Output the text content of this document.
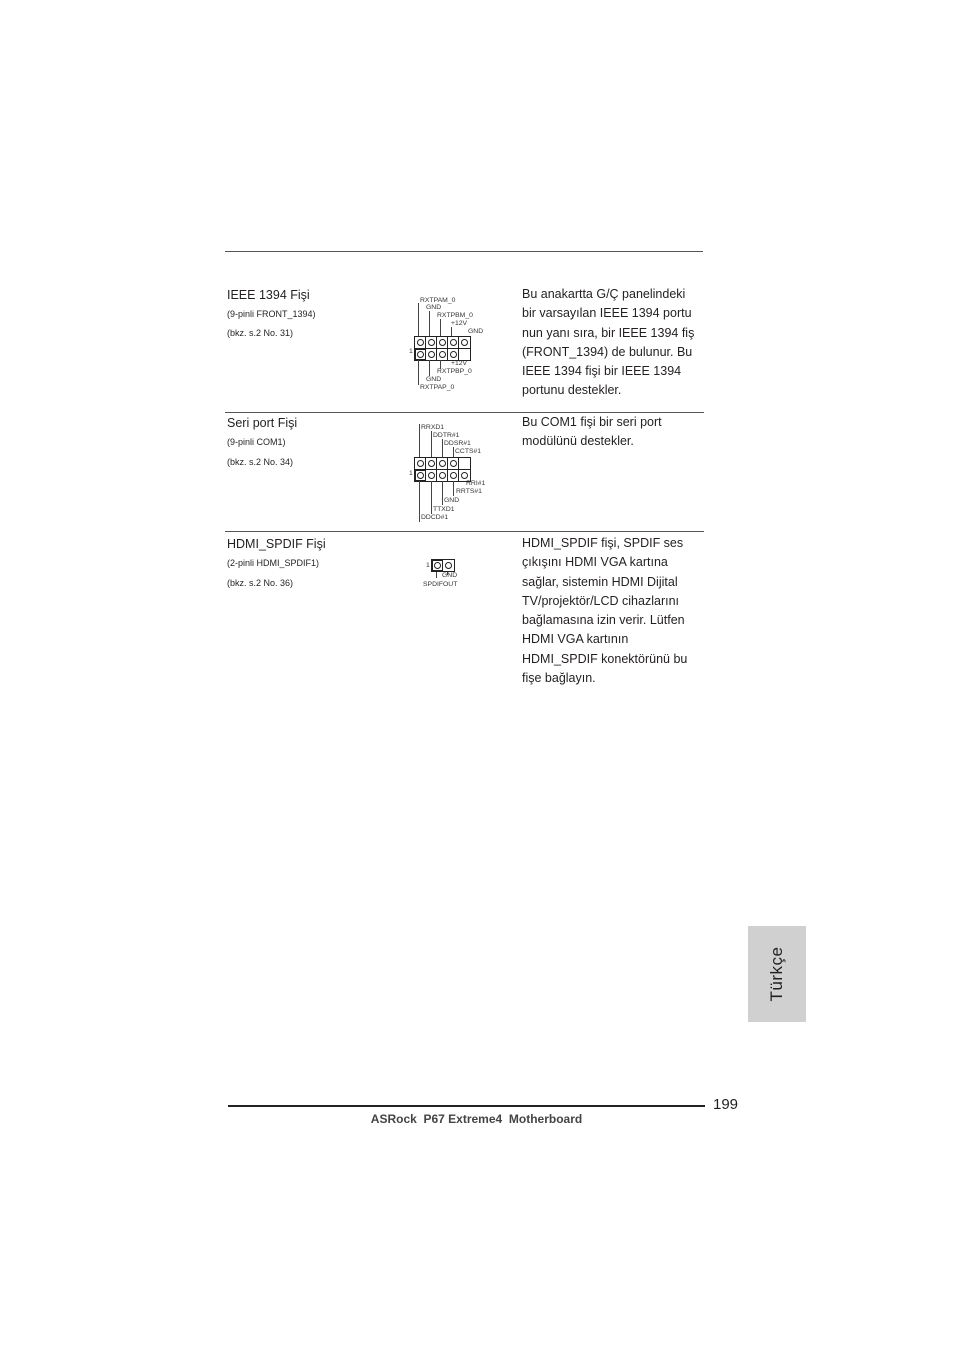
IEEE 1394 Fişi
(9-pinli FRONT_1394)
(bkz. s.2 No. 31)
RXTPAM_0
GND
RXTPBM_0
+12V
GND
1
+12V
RXTPBP_0
GND
RXTPAP_0
Bu anakartta G/Ç panelindeki
bir varsayılan IEEE 1394 portu
nun yanı sıra, bir IEEE 1394 fiş
(FRONT_1394) de bulunur. Bu
IEEE 1394 fişi bir IEEE 1394
portunu destekler.
Seri port Fişi
(9-pinli COM1)
(bkz. s.2 No. 34)
RRXD1
DDTR#1
DDSR#1
CCTS#1
1
RRI#1
RRTS#1
GND
TTXD1
DDCD#1
Bu COM1 fişi bir seri port
modülünü destekler.
HDMI_SPDIF Fişi
(2-pinli HDMI_SPDIF1)
(bkz. s.2 No. 36)
1
GND
SPDIFOUT
HDMI_SPDIF fişi, SPDIF ses
çıkışını HDMI VGA kartına
sağlar, sistemin HDMI Dijital
TV/projektör/LCD cihazlarını
bağlamasına izin verir. Lütfen
HDMI VGA kartının
HDMI_SPDIF konektörünü bu
fişe bağlayın.
Türkçe
199
ASRock  P67 Extreme4  Motherboard
